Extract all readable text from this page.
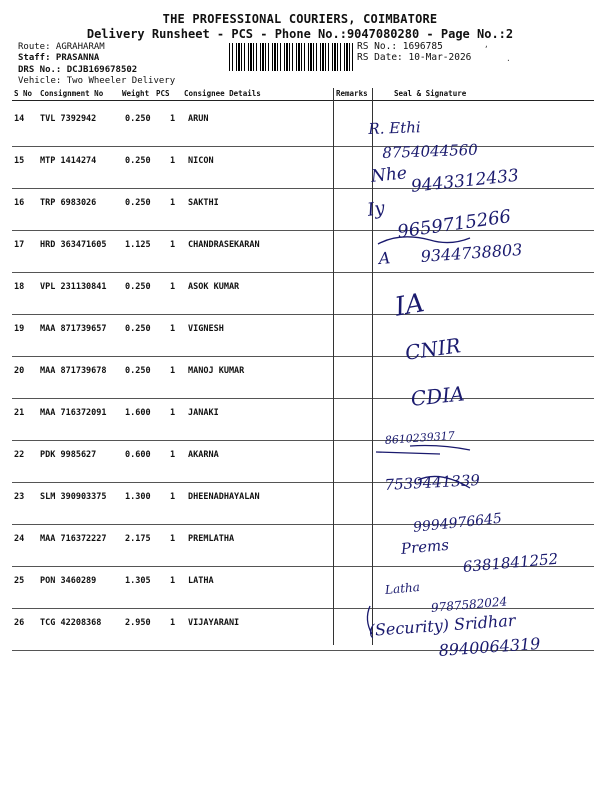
THE PROFESSIONAL COURIERS, COIMBATORE
Delivery Runsheet - PCS - Phone No.:9047080280 - Page No.:2
Route: AGRAHARAM
Staff: PRASANNA
DRS No.: DCJB169678502
Vehicle: Two Wheeler Delivery
RS No.: 1696785
RS Date: 10-Mar-2026
,
·
S No Consignment No	Weight PCS Consignee Details	Remarks	Seal & Signature
14 TVL 7392942	0.250 1 ARUN
15 MTP 1414274	0.250 1 NICON
16 TRP 6983026	0.250 1 SAKTHI
17 HRD 363471605 1.125 1 CHANDRASEKARAN
18 VPL 231130841 0.250 1 ASOK KUMAR
19 MAA 871739657 0.250 1 VIGNESH
20 MAA 871739678 0.250 1 MANOJ KUMAR
21 MAA 716372091 1.600 1 JANAKI
22 PDK 9985627	0.600 1 AKARNA
23 SLM 390903375 1.300 1 DHEENADHAYALAN
24 MAA 716372227 2.175 1 PREMLATHA
25 PON 3460289	1.305 1 LATHA
26 TCG 42208368	2.950 1 VIJAYARANI
R. Ethi
8754044560
Nhe 9443312433
Iy 9659715266
A 9344738803
IA
CNIR
CDIA
8610239317
7539441339
9994976645
Prems
6381841252
Latha
9787582024
(Security) Sridhar
8940064319
